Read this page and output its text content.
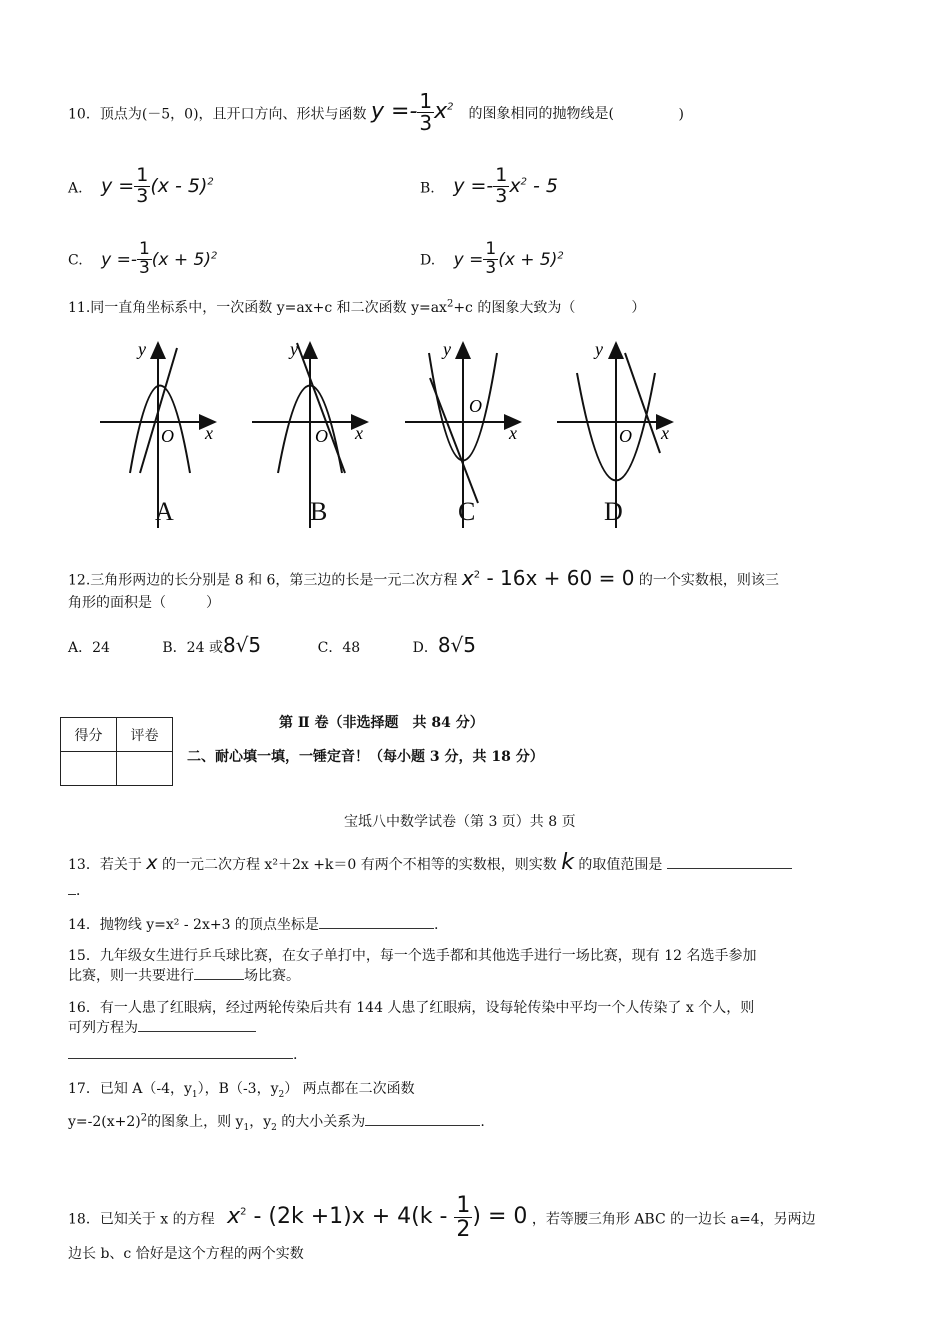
10．顶点为(－5，0)，且开口方向、形状与函数 $y =- \frac{1}{3} x^2$ 的图象相同的抛物线是(	)
A. $y = \frac{1}{3} (x - 5)^2$	B. $y =- \frac{1}{3} x^2 - 5$
C. $y =- \frac{1}{3} (x + 5)^2$	D. $y = \frac{1}{3} (x + 5)^2$
11.同一直角坐标系中，一次函数 y=ax+c 和二次函数 $y=ax^2+c$ 的图象大致为（	）
y
O x
y
O x
y
O
x
y
O x
A	B	C	D
12.三角形两边的长分别是 8 和 6，第三边的长是一元二次方程 $x^2 - 16x + 60 = 0$ 的一个实数根，则该三
角形的面积是（	）
A．24	B．24 或8√5	C．48	D．8√5
得分	评卷

第 Ⅱ 卷（非选择题　共 84 分）
二、耐心填一填，一锤定音！（每小题 3 分，共 18 分）
宝坻八中数学试卷（第 3 页）共 8 页
13．若关于 x 的一元二次方程 x²＋2x +k＝0 有两个不相等的实数根，则实数 k 的取值范围是
．
14．抛物线 y=x² - 2x+3 的顶点坐标是	.
15．九年级女生进行乒乓球比赛，在女子单打中，每一个选手都和其他选手进行一场比赛，现有 12 名选手参加
比赛，则一共要进行	场比赛。
16．有一人患了红眼病，经过两轮传染后共有 144 人患了红眼病，设每轮传染中平均一个人传染了 x 个人，则
可列方程为
.
17．已知 A（-4，$y_1$），B（-3，$y_2$） 两点都在二次函数
$y=-2(x+2)^2$的图象上，则 $y_1$，$y_2$ 的大小关系为	.
18．已知关于 x 的方程 $x^2 - (2k +1)x + 4(k - \frac{1}{2}$ ) = 0 ，若等腰三角形 ABC 的一边长 a=4，另两边
边长 b、c 恰好是这个方程的两个实数
